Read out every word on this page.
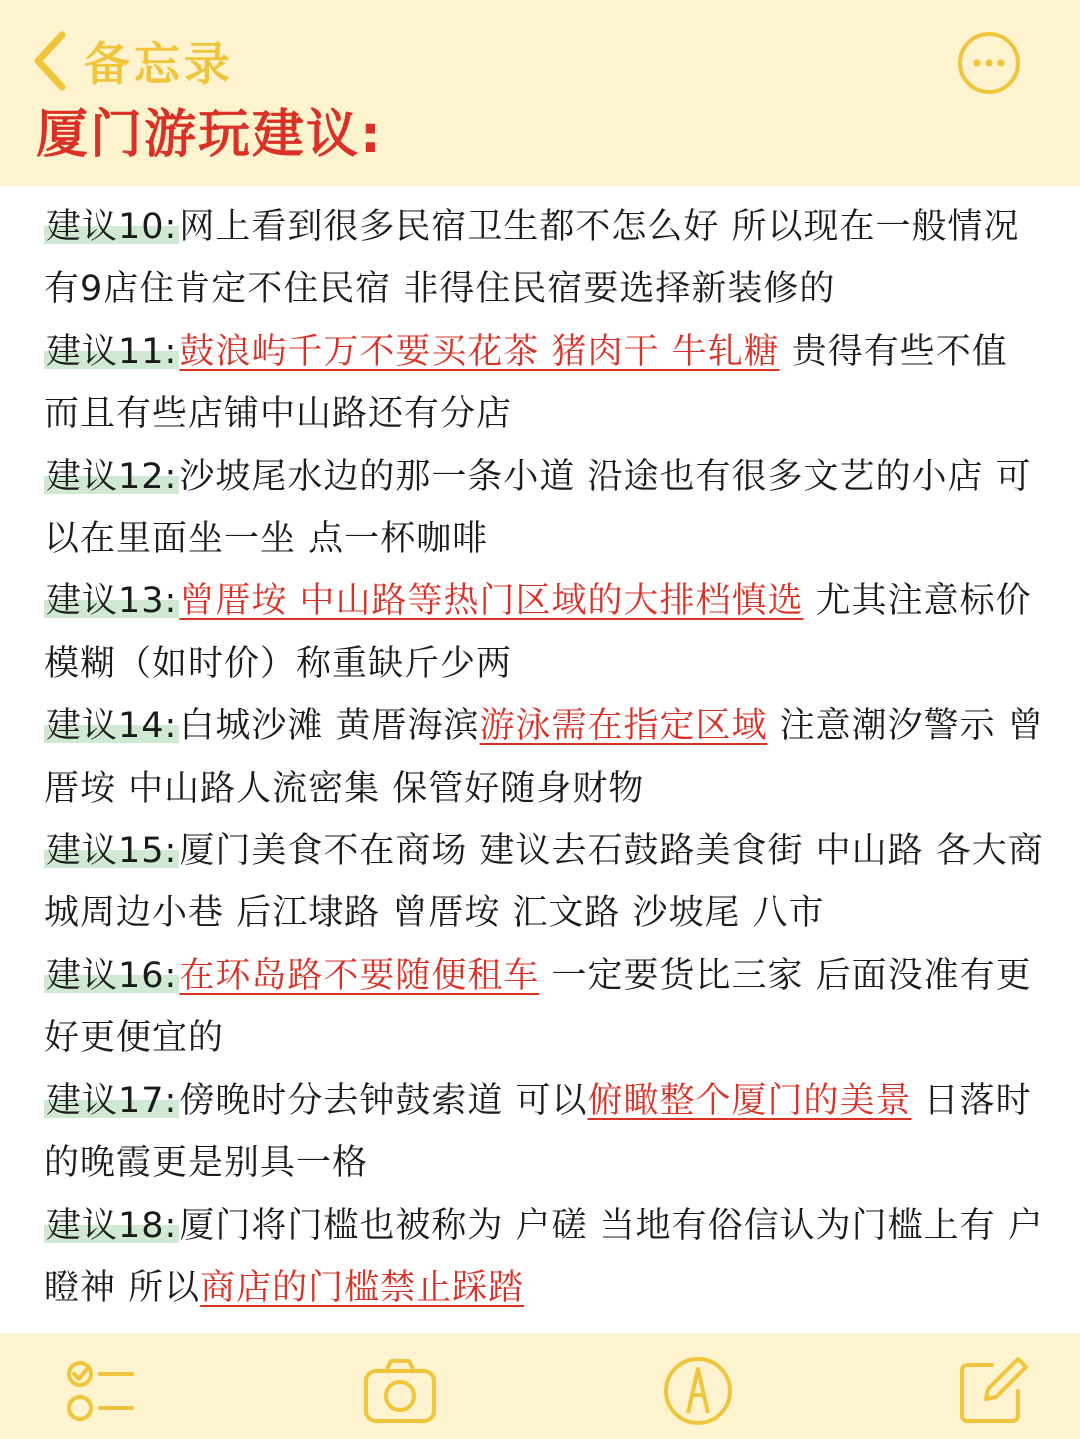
备忘录
厦门游玩建议:
建议10:网上看到很多民宿卫生都不怎么好 所以现在一般情况 有9店住肯定不住民宿 非得住民宿要选择新装修的
建议11:鼓浪屿千万不要买花茶 猪肉干 牛轧糖 贵得有些不值 而且有些店铺中山路还有分店
建议12:沙坡尾水边的那一条小道 沿途也有很多文艺的小店 可以在里面坐一坐 点一杯咖啡
建议13:曾厝垵 中山路等热门区域的大排档慎选 尤其注意标价模糊（如时价）称重缺斤少两
建议14:白城沙滩 黄厝海滨游泳需在指定区域 注意潮汐警示 曾厝垵 中山路人流密集 保管好随身财物
建议15:厦门美食不在商场 建议去石鼓路美食街 中山路 各大商城周边小巷 后江埭路 曾厝垵 汇文路 沙坡尾 八市
建议16:在环岛路不要随便租车 一定要货比三家 后面没准有更好更便宜的
建议17:傍晚时分去钟鼓索道 可以俯瞰整个厦门的美景 日落时的晚霞更是别具一格
建议18:厦门将门槛也被称为 户磋 当地有俗信认为门槛上有 户瞪神 所以商店的门槛禁止踩踏
